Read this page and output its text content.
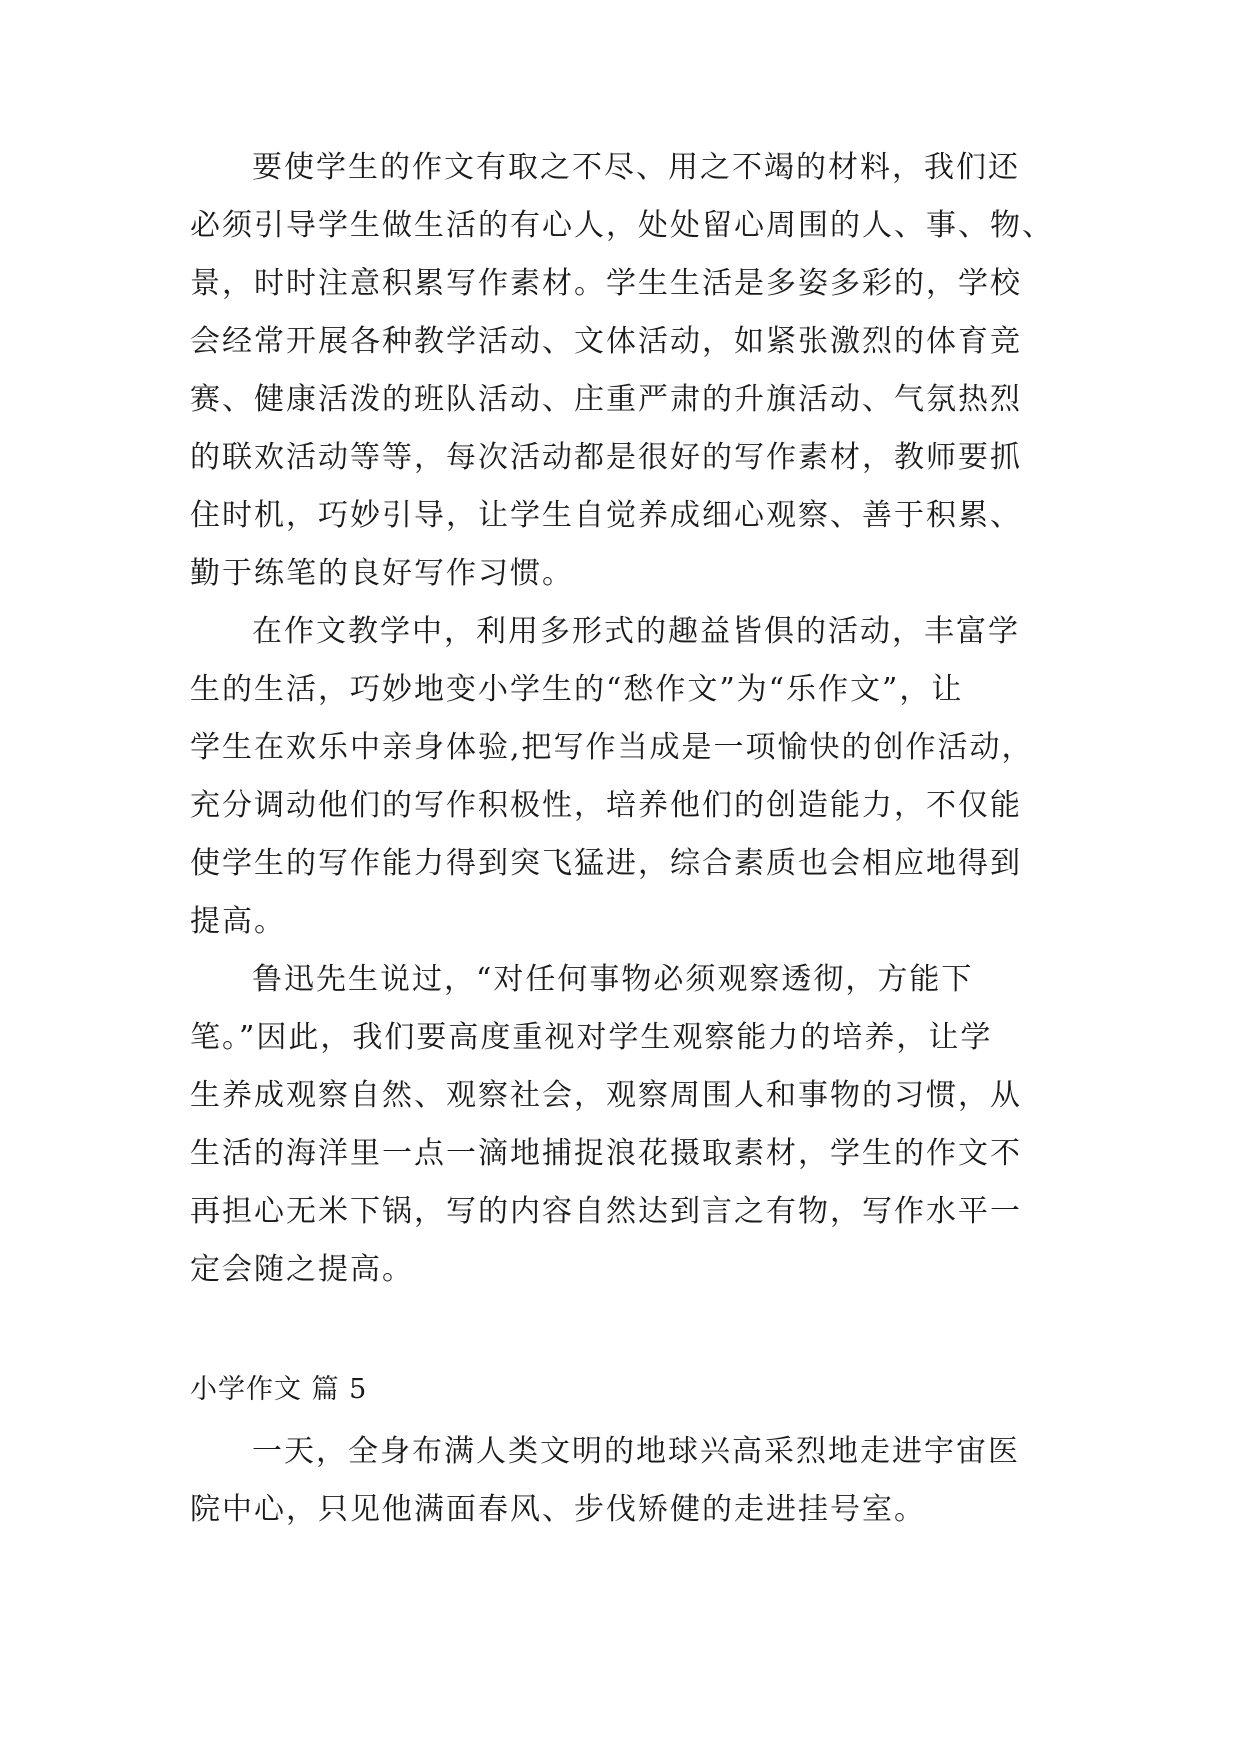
要使学生的作文有取之不尽、用之不竭的材料，我们还
必须引导学生做生活的有心人，处处留心周围的人、事、物、
景，时时注意积累写作素材。学生生活是多姿多彩的，学校
会经常开展各种教学活动、文体活动，如紧张激烈的体育竞
赛、健康活泼的班队活动、庄重严肃的升旗活动、气氛热烈
的联欢活动等等，每次活动都是很好的写作素材，教师要抓
住时机，巧妙引导，让学生自觉养成细心观察、善于积累、
勤于练笔的良好写作习惯。
在作文教学中，利用多形式的趣益皆俱的活动，丰富学
生的生活，巧妙地变小学生的“愁作文”为“乐作文”，让
学生在欢乐中亲身体验,把写作当成是一项愉快的创作活动，
充分调动他们的写作积极性，培养他们的创造能力，不仅能
使学生的写作能力得到突飞猛进，综合素质也会相应地得到
提高。
鲁迅先生说过，“对任何事物必须观察透彻，方能下
笔。”因此，我们要高度重视对学生观察能力的培养，让学
生养成观察自然、观察社会，观察周围人和事物的习惯，从
生活的海洋里一点一滴地捕捉浪花摄取素材，学生的作文不
再担心无米下锅，写的内容自然达到言之有物，写作水平一
定会随之提高。
小学作文 篇 5
一天，全身布满人类文明的地球兴高采烈地走进宇宙医
院中心，只见他满面春风、步伐矫健的走进挂号室。
